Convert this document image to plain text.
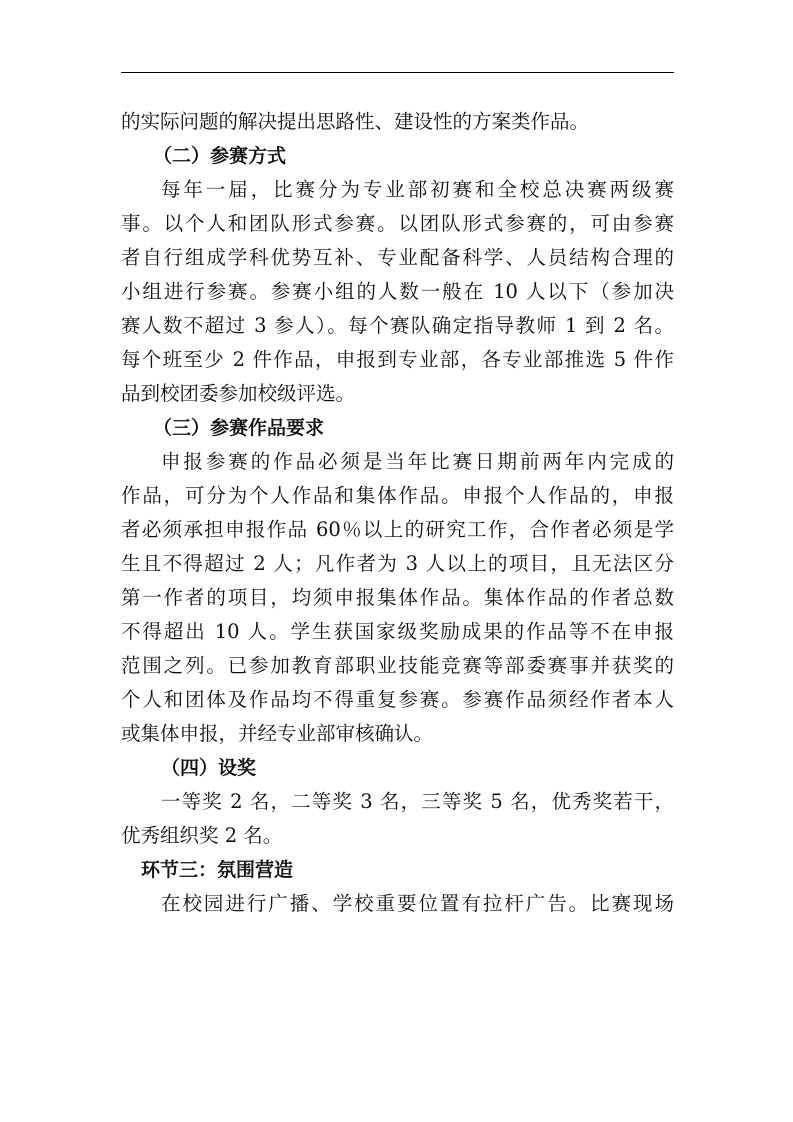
的实际问题的解决提出思路性、建设性的方案类作品。
（二）参赛方式
每年一届，比赛分为专业部初赛和全校总决赛两级赛
事。以个人和团队形式参赛。以团队形式参赛的，可由参赛
者自行组成学科优势互补、专业配备科学、人员结构合理的
小组进行参赛。参赛小组的人数一般在 10 人以下（参加决
赛人数不超过 3 参人）。每个赛队确定指导教师 1 到 2 名。
每个班至少 2 件作品，申报到专业部，各专业部推选 5 件作
品到校团委参加校级评选。
（三）参赛作品要求
申报参赛的作品必须是当年比赛日期前两年内完成的
作品，可分为个人作品和集体作品。申报个人作品的，申报
者必须承担申报作品 60％以上的研究工作，合作者必须是学
生且不得超过 2 人；凡作者为 3 人以上的项目，且无法区分
第一作者的项目，均须申报集体作品。集体作品的作者总数
不得超出 10 人。学生获国家级奖励成果的作品等不在申报
范围之列。已参加教育部职业技能竞赛等部委赛事并获奖的
个人和团体及作品均不得重复参赛。参赛作品须经作者本人
或集体申报，并经专业部审核确认。
（四）设奖
一等奖 2 名，二等奖 3 名，三等奖 5 名，优秀奖若干，
优秀组织奖 2 名。
环节三：氛围营造
在校园进行广播、学校重要位置有拉杆广告。比赛现场
